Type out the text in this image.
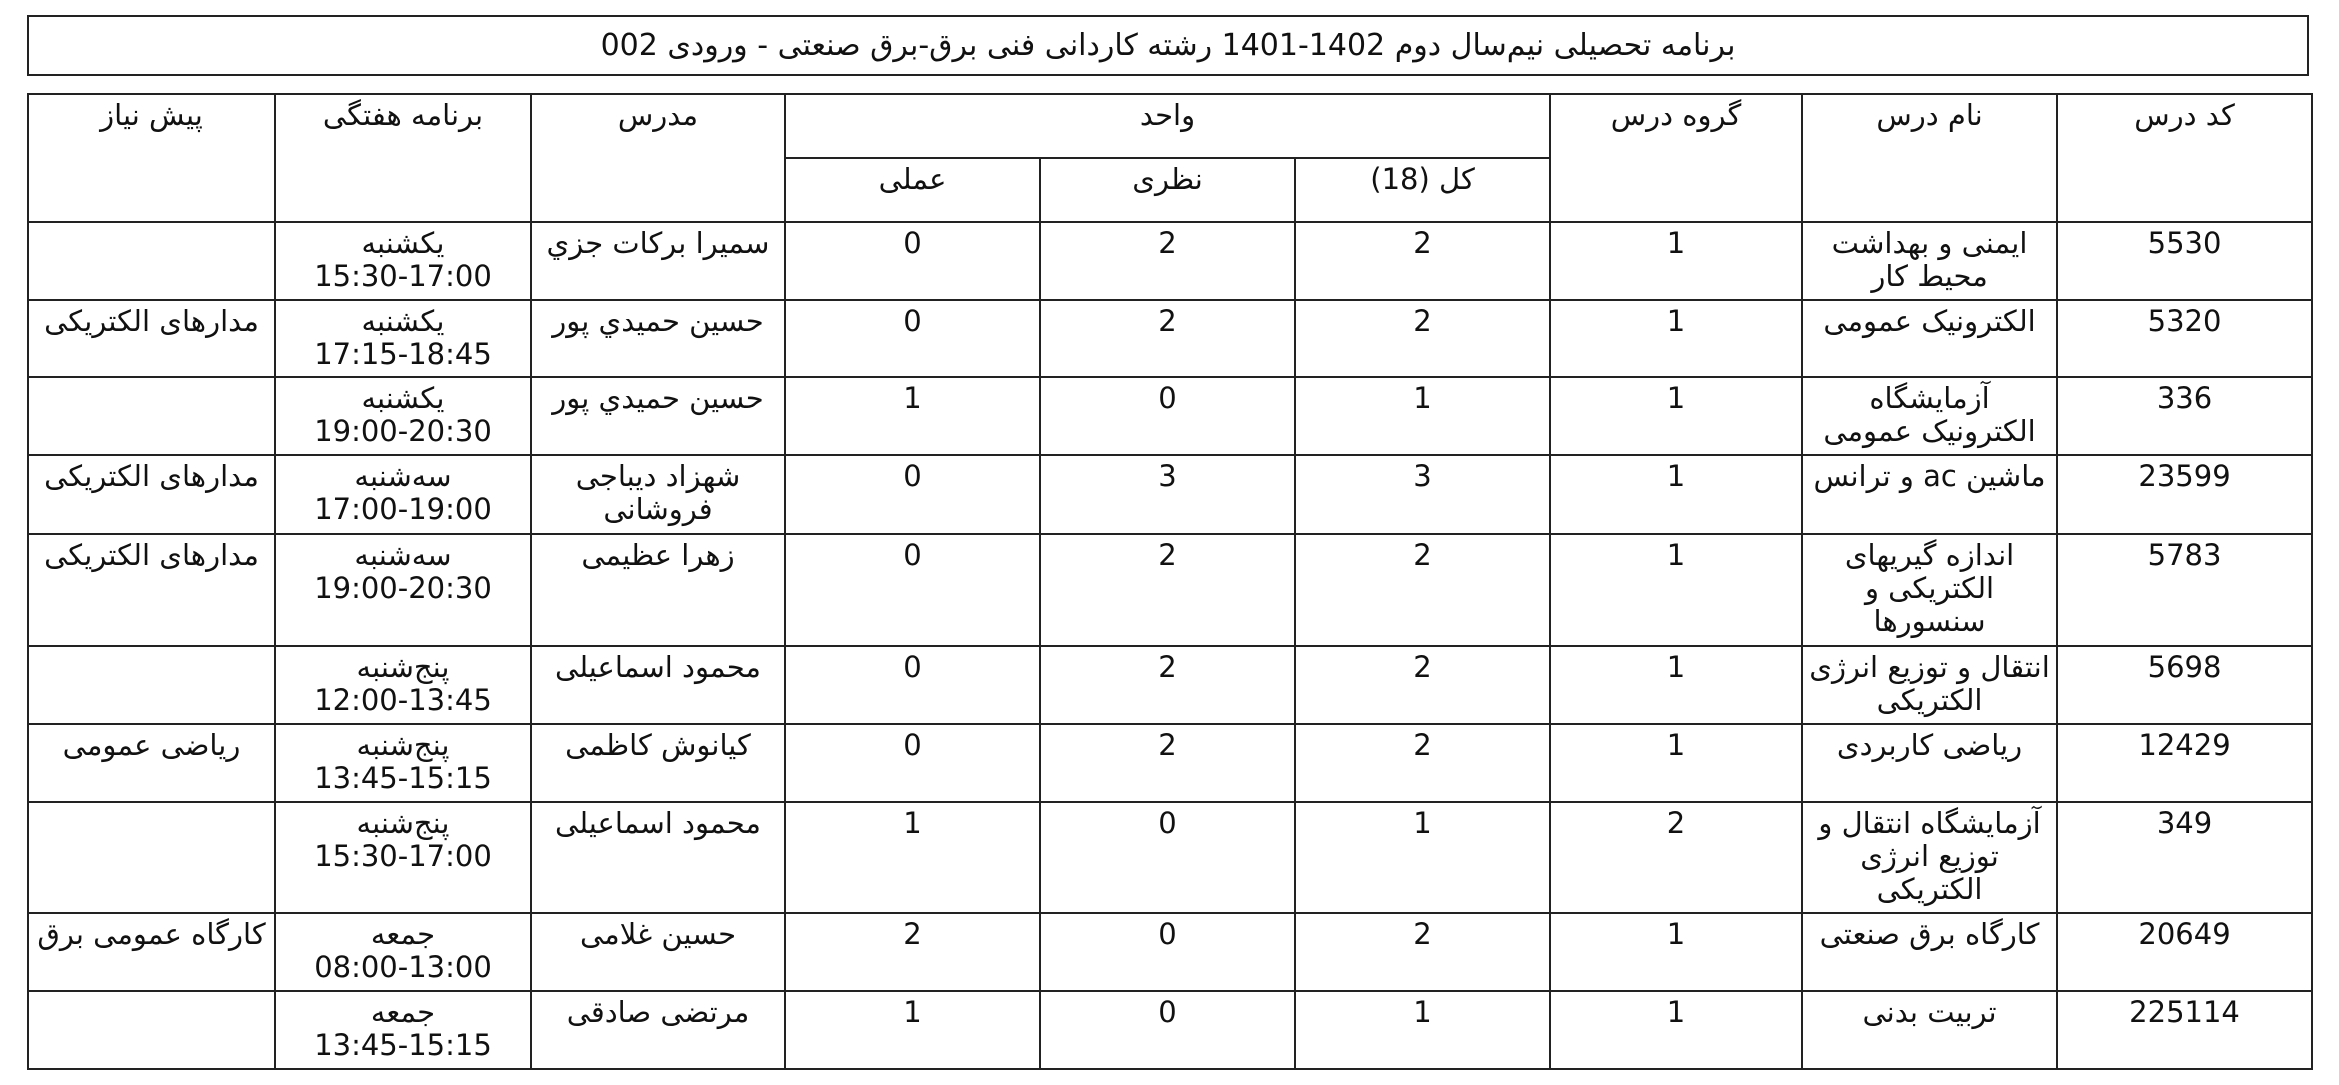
برنامه تحصیلی نیم‌سال دوم 1402-1401 رشته کاردانی فنی برق-برق صنعتی - ورودی 002
کد درس	نام درس	گروه درس	واحد			مدرس	برنامه هفتگی	پیش نیاز
			کل (18)	نظری	عملی			
5530	ایمنی و بهداشت محیط کار	1	2	2	0	سميرا بركات جزي	یکشنبه
15:30-17:00	

5320	الکترونیک عمومی	1	2	2	0	حسين حميدي پور	یکشنبه
17:15-18:45	مدارهای الکتریکی
336	آزمایشگاه الکترونیک عمومی	1	1	0	1	حسين حميدي پور	یکشنبه
19:00-20:30	

23599	ماشین ac و ترانس	1	3	3	0	شهزاد دیباجی فروشانی	سه‌شنبه
17:00-19:00	مدارهای الکتریکی
5783	اندازه گیریهای الکتریکی و سنسورها	1	2	2	0	زهرا عظیمی	سه‌شنبه
19:00-20:30	مدارهای الکتریکی
5698	انتقال و توزیع انرژی الکتریکی	1	2	2	0	محمود اسماعیلی	پنج‌شنبه
12:00-13:45	

12429	ریاضی کاربردی	1	2	2	0	کیانوش کاظمی	پنج‌شنبه
13:45-15:15	ریاضی عمومی
349	آزمایشگاه انتقال و توزیع انرژی الکتریکی	2	1	0	1	محمود اسماعیلی	پنج‌شنبه
15:30-17:00	

20649	کارگاه برق صنعتی	1	2	0	2	حسین غلامی	جمعه
08:00-13:00	کارگاه عمومی برق
225114	تربیت بدنی	1	1	0	1	مرتضی صادقی	جمعه
13:45-15:15	
